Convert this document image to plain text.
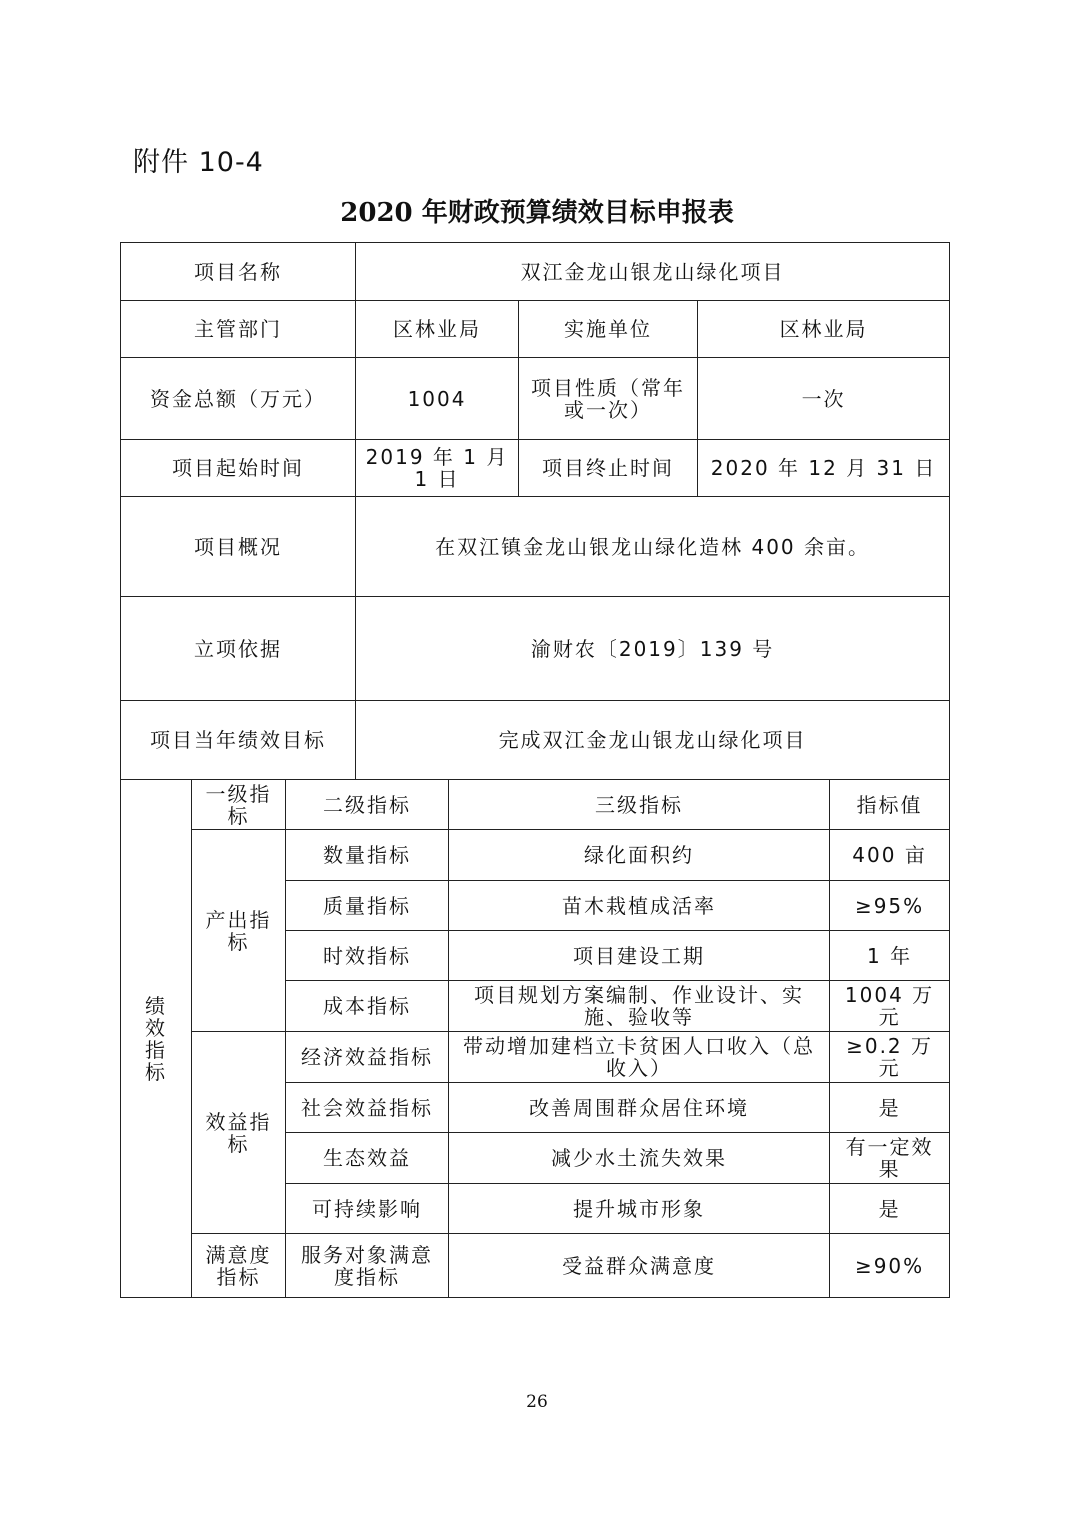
附件 10-4
2020 年财政预算绩效目标申报表
项目名称			双江金龙山银龙山绿化项目				
主管部门			区林业局		实施单位	区林业局	
资金总额（万元）			1004		项目性质（常年或一次）	一次	
项目起始时间			2019 年 1 月 1 日		项目终止时间	2020 年 12 月 31 日	
项目概况			在双江镇金龙山银龙山绿化造林 400 余亩。				
立项依据			渝财农〔2019〕139 号				
项目当年绩效目标			完成双江金龙山银龙山绿化项目				
绩
效
指
标	一级指标	二级指标		三级指标			指标值
	产出指标	数量指标		绿化面积约			400 亩
		质量指标		苗木栽植成活率			≥95%
		时效指标		项目建设工期			1 年
		成本指标		项目规划方案编制、作业设计、实施、验收等			1004 万元
	效益指标	经济效益指标		带动增加建档立卡贫困人口收入（总收入）			≥0.2 万元
		社会效益指标		改善周围群众居住环境			是
		生态效益		减少水土流失效果			有一定效果
		可持续影响		提升城市形象			是
	满意度指标	服务对象满意度指标		受益群众满意度			≥90%
26
